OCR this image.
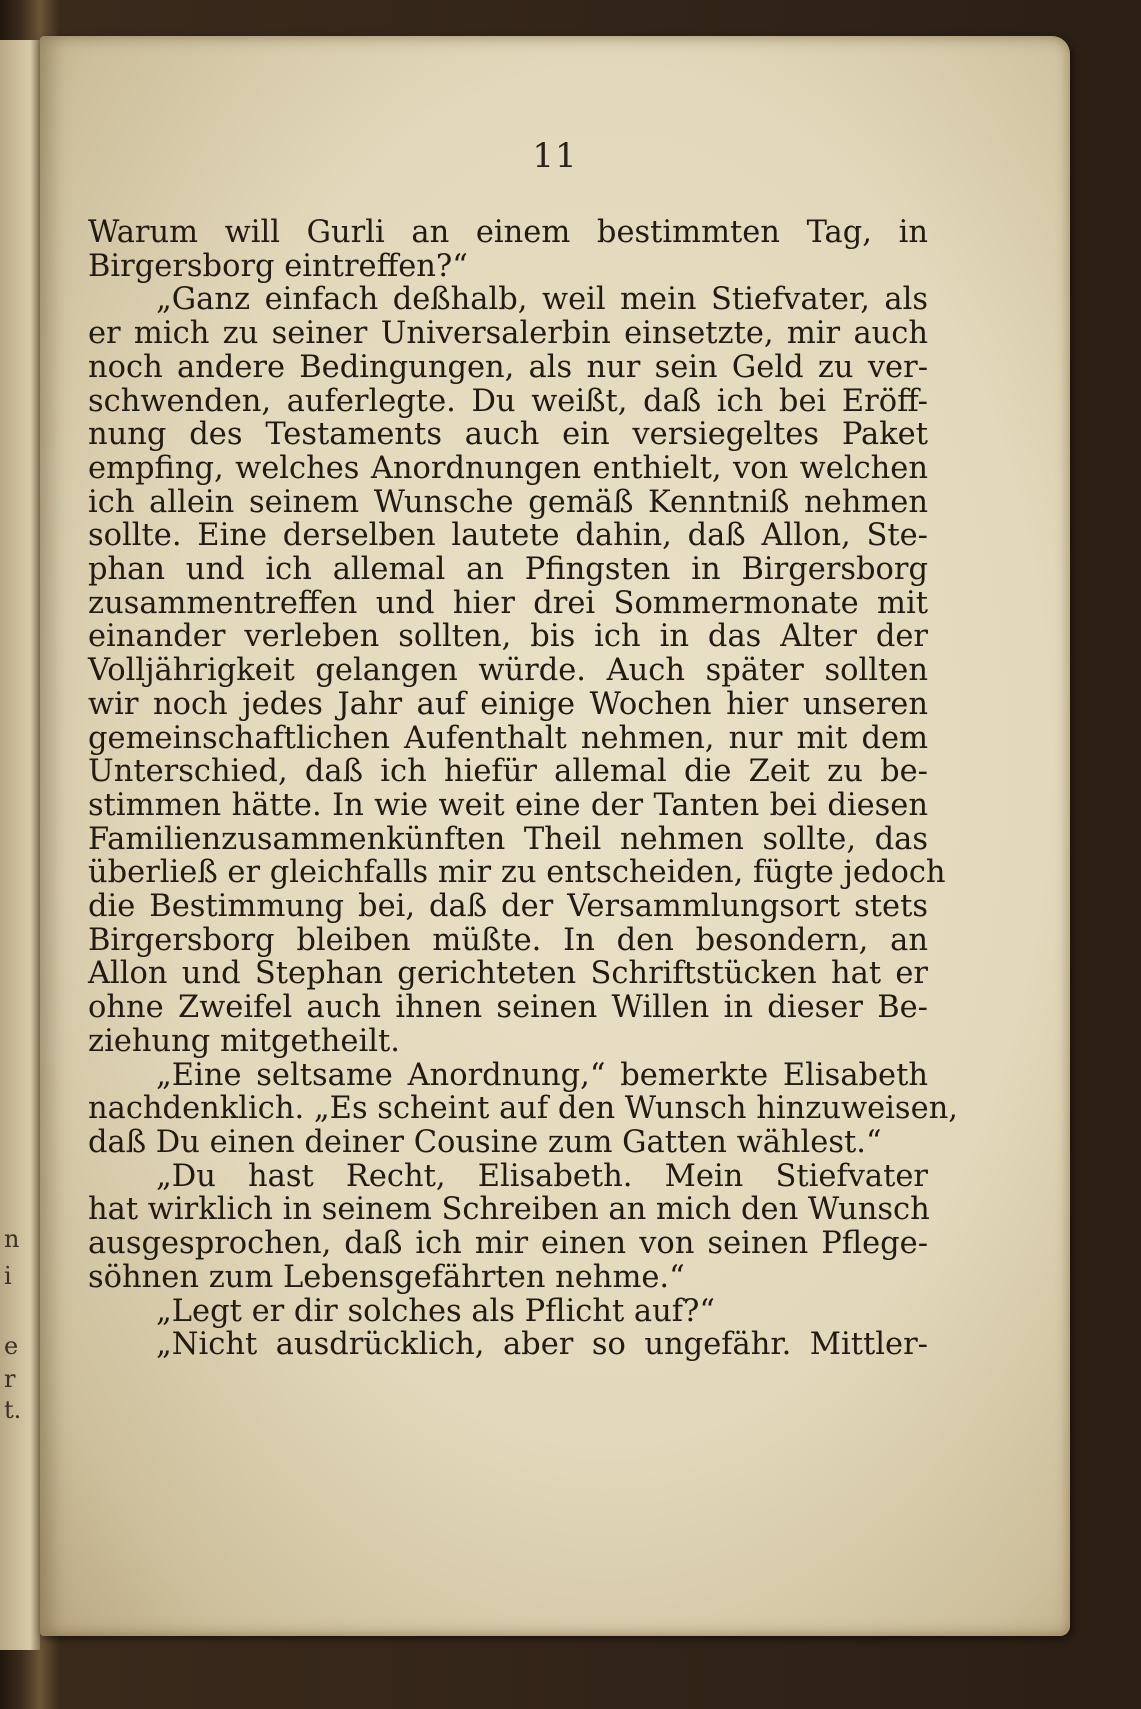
n
i
e
r
t.
11
Warum will Gurli an einem bestimmten Tag, in
Birgersborg eintreffen?“
„Ganz einfach deßhalb, weil mein Stiefvater, als
er mich zu seiner Universalerbin einsetzte, mir auch
noch andere Bedingungen, als nur sein Geld zu ver-
schwenden, auferlegte. Du weißt, daß ich bei Eröff-
nung des Testaments auch ein versiegeltes Paket
empfing, welches Anordnungen enthielt, von welchen
ich allein seinem Wunsche gemäß Kenntniß nehmen
sollte. Eine derselben lautete dahin, daß Allon, Ste-
phan und ich allemal an Pfingsten in Birgersborg
zusammentreffen und hier drei Sommermonate mit
einander verleben sollten, bis ich in das Alter der
Volljährigkeit gelangen würde. Auch später sollten
wir noch jedes Jahr auf einige Wochen hier unseren
gemeinschaftlichen Aufenthalt nehmen, nur mit dem
Unterschied, daß ich hiefür allemal die Zeit zu be-
stimmen hätte. In wie weit eine der Tanten bei diesen
Familienzusammenkünften Theil nehmen sollte, das
überließ er gleichfalls mir zu entscheiden, fügte jedoch
die Bestimmung bei, daß der Versammlungsort stets
Birgersborg bleiben müßte. In den besondern, an
Allon und Stephan gerichteten Schriftstücken hat er
ohne Zweifel auch ihnen seinen Willen in dieser Be-
ziehung mitgetheilt.
„Eine seltsame Anordnung,“ bemerkte Elisabeth
nachdenklich. „Es scheint auf den Wunsch hinzuweisen,
daß Du einen deiner Cousine zum Gatten wählest.“
„Du hast Recht, Elisabeth. Mein Stiefvater
hat wirklich in seinem Schreiben an mich den Wunsch
ausgesprochen, daß ich mir einen von seinen Pflege-
söhnen zum Lebensgefährten nehme.“
„Legt er dir solches als Pflicht auf?“
„Nicht ausdrücklich, aber so ungefähr. Mittler-
